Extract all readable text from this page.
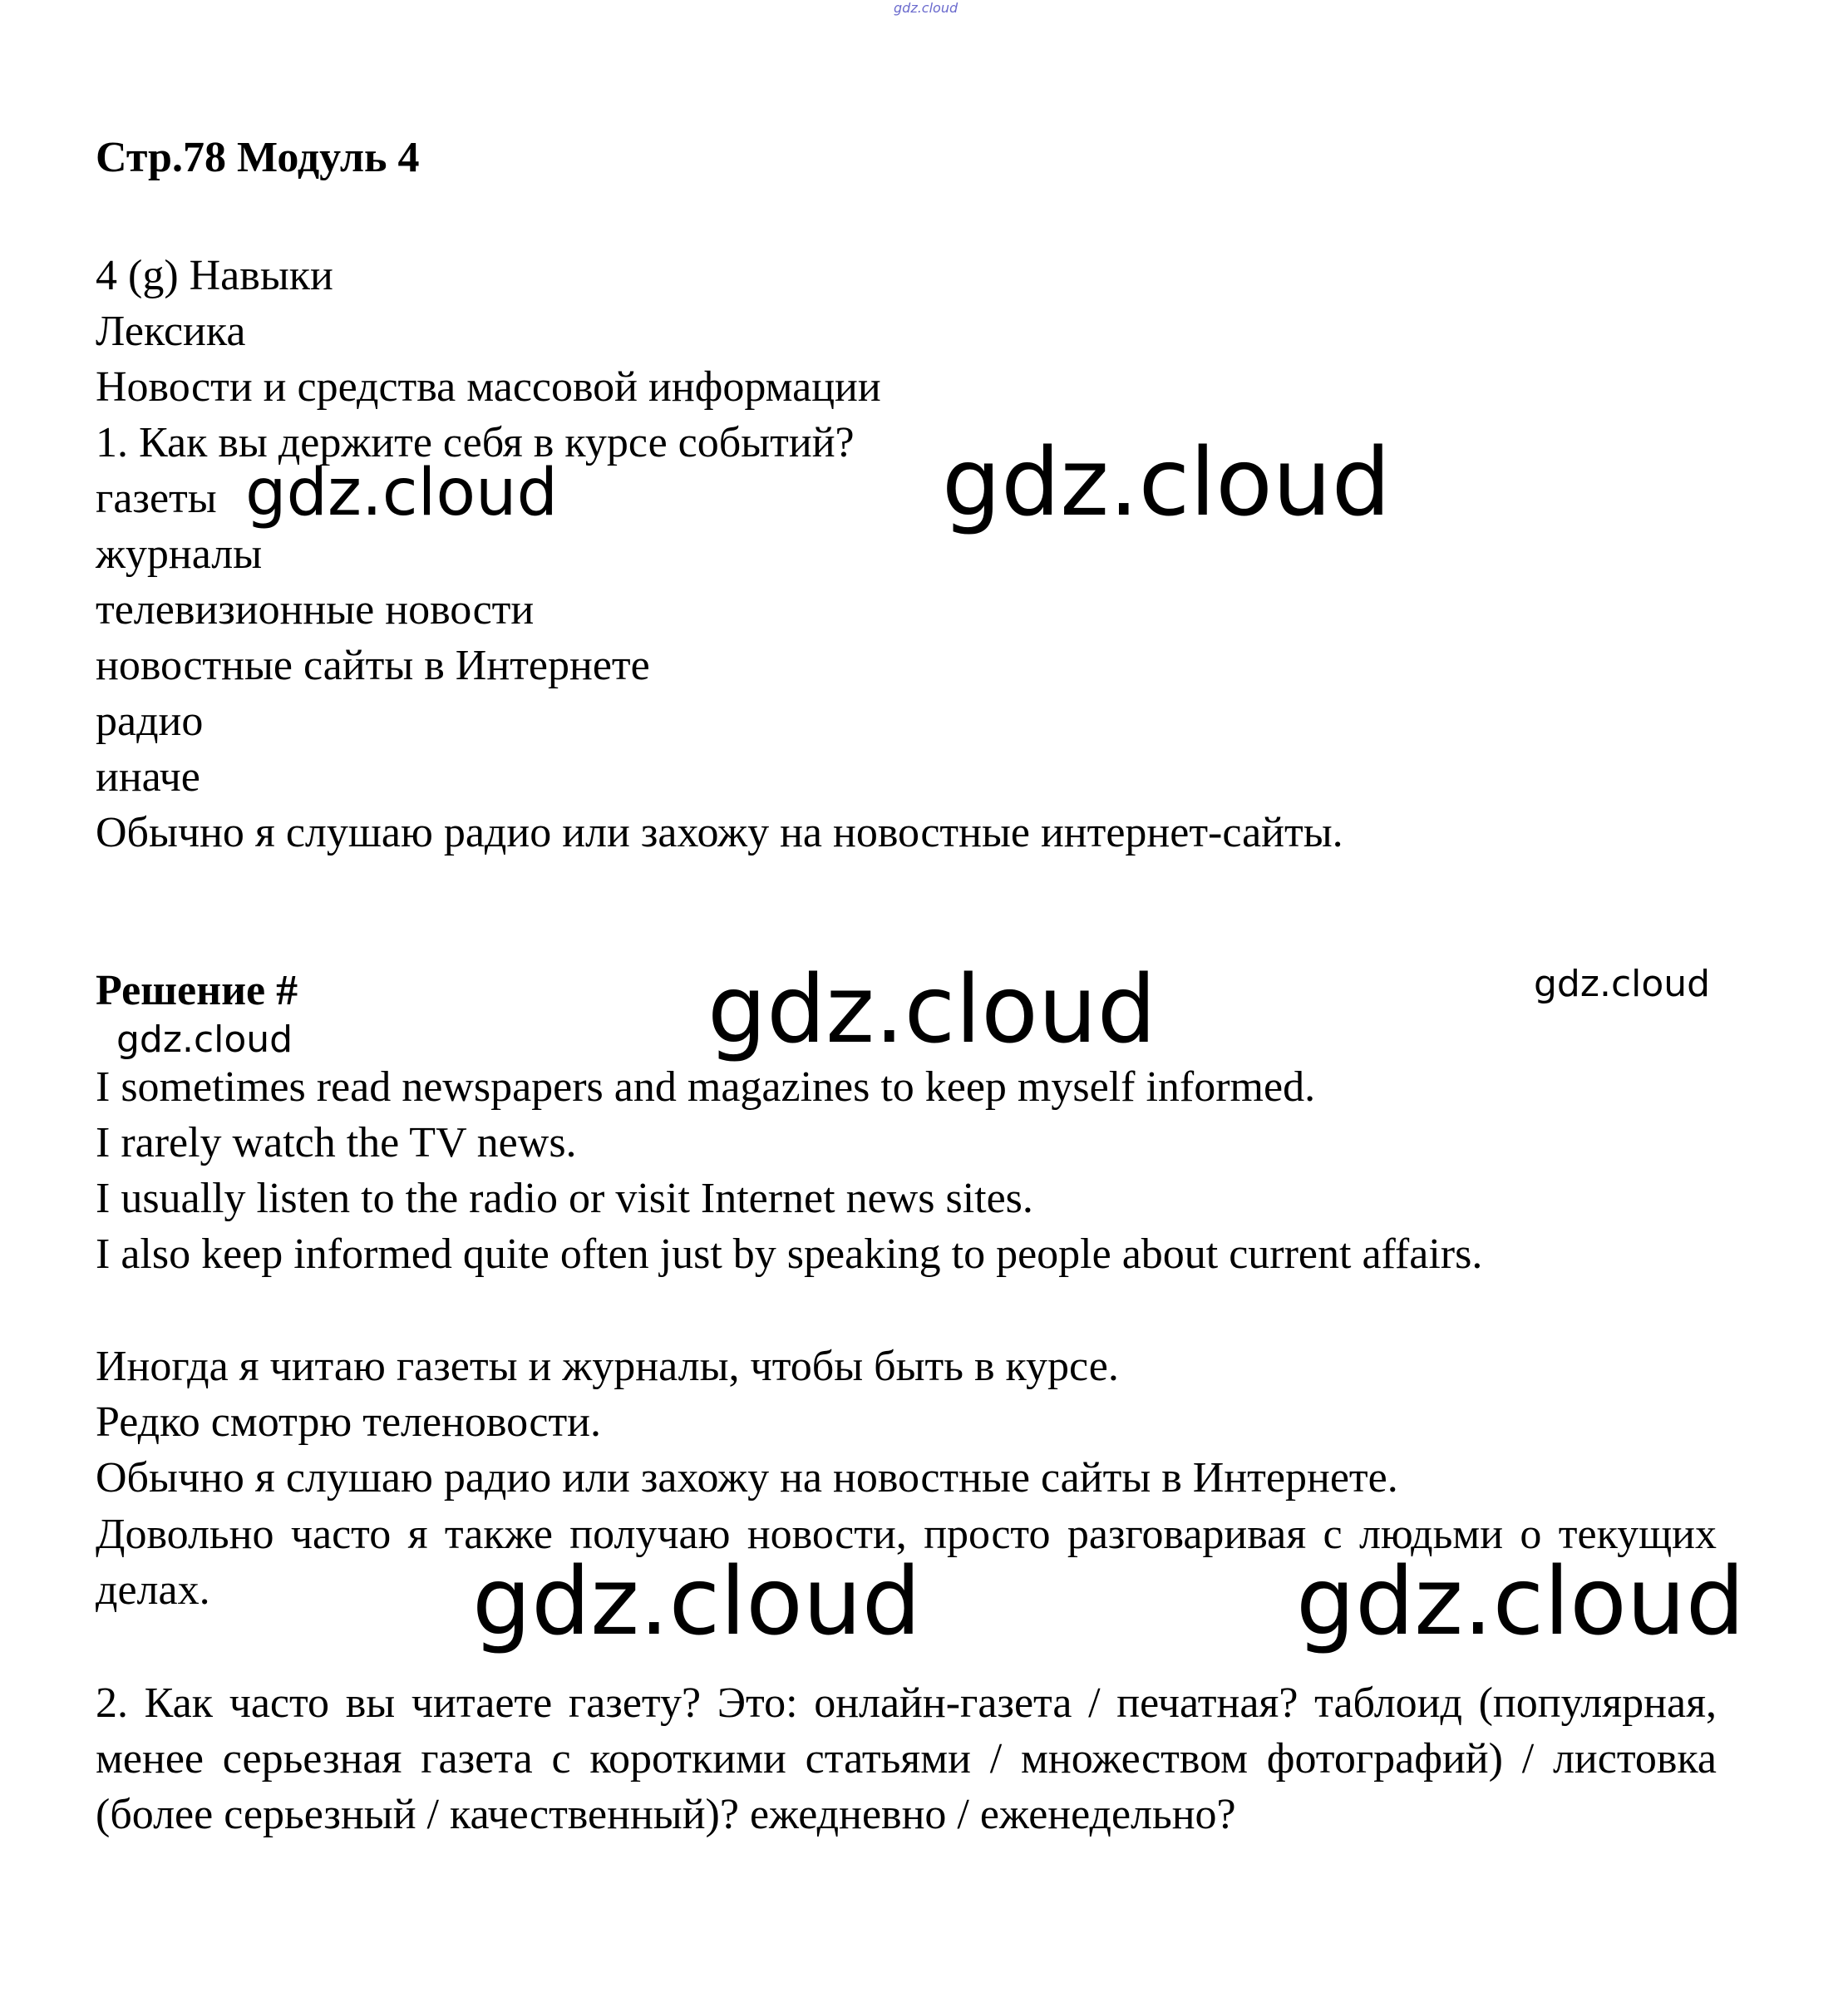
gdz.cloud
Стр.78 Модуль 4
4 (g) Навыки
Лексика
Новости и средства массовой информации
1. Как вы держите себя в курсе событий?
газеты
журналы
телевизионные новости
новостные сайты в Интернете
радио
иначе
Обычно я слушаю радио или захожу на новостные интернет-сайты.
Решение #
I sometimes read newspapers and magazines to keep myself informed.
I rarely watch the TV news.
I usually listen to the radio or visit Internet news sites.
I also keep informed quite often just by speaking to people about current affairs.
Иногда я читаю газеты и журналы, чтобы быть в курсе.
Редко смотрю теленовости.
Обычно я слушаю радио или захожу на новостные сайты в Интернете.
Довольно часто я также получаю новости, просто разговаривая с людьми о текущих делах.
2. Как часто вы читаете газету? Это: онлайн-газета / печатная? таблоид (популярная, менее серьезная газета с короткими статьями / множеством фотографий) / листовка (более серьезный / качественный)? ежедневно / еженедельно?
gdz.cloud	gdz.cloud
gdz.cloud	gdz.cloud
gdz.cloud
gdz.cloud	gdz.cloud
